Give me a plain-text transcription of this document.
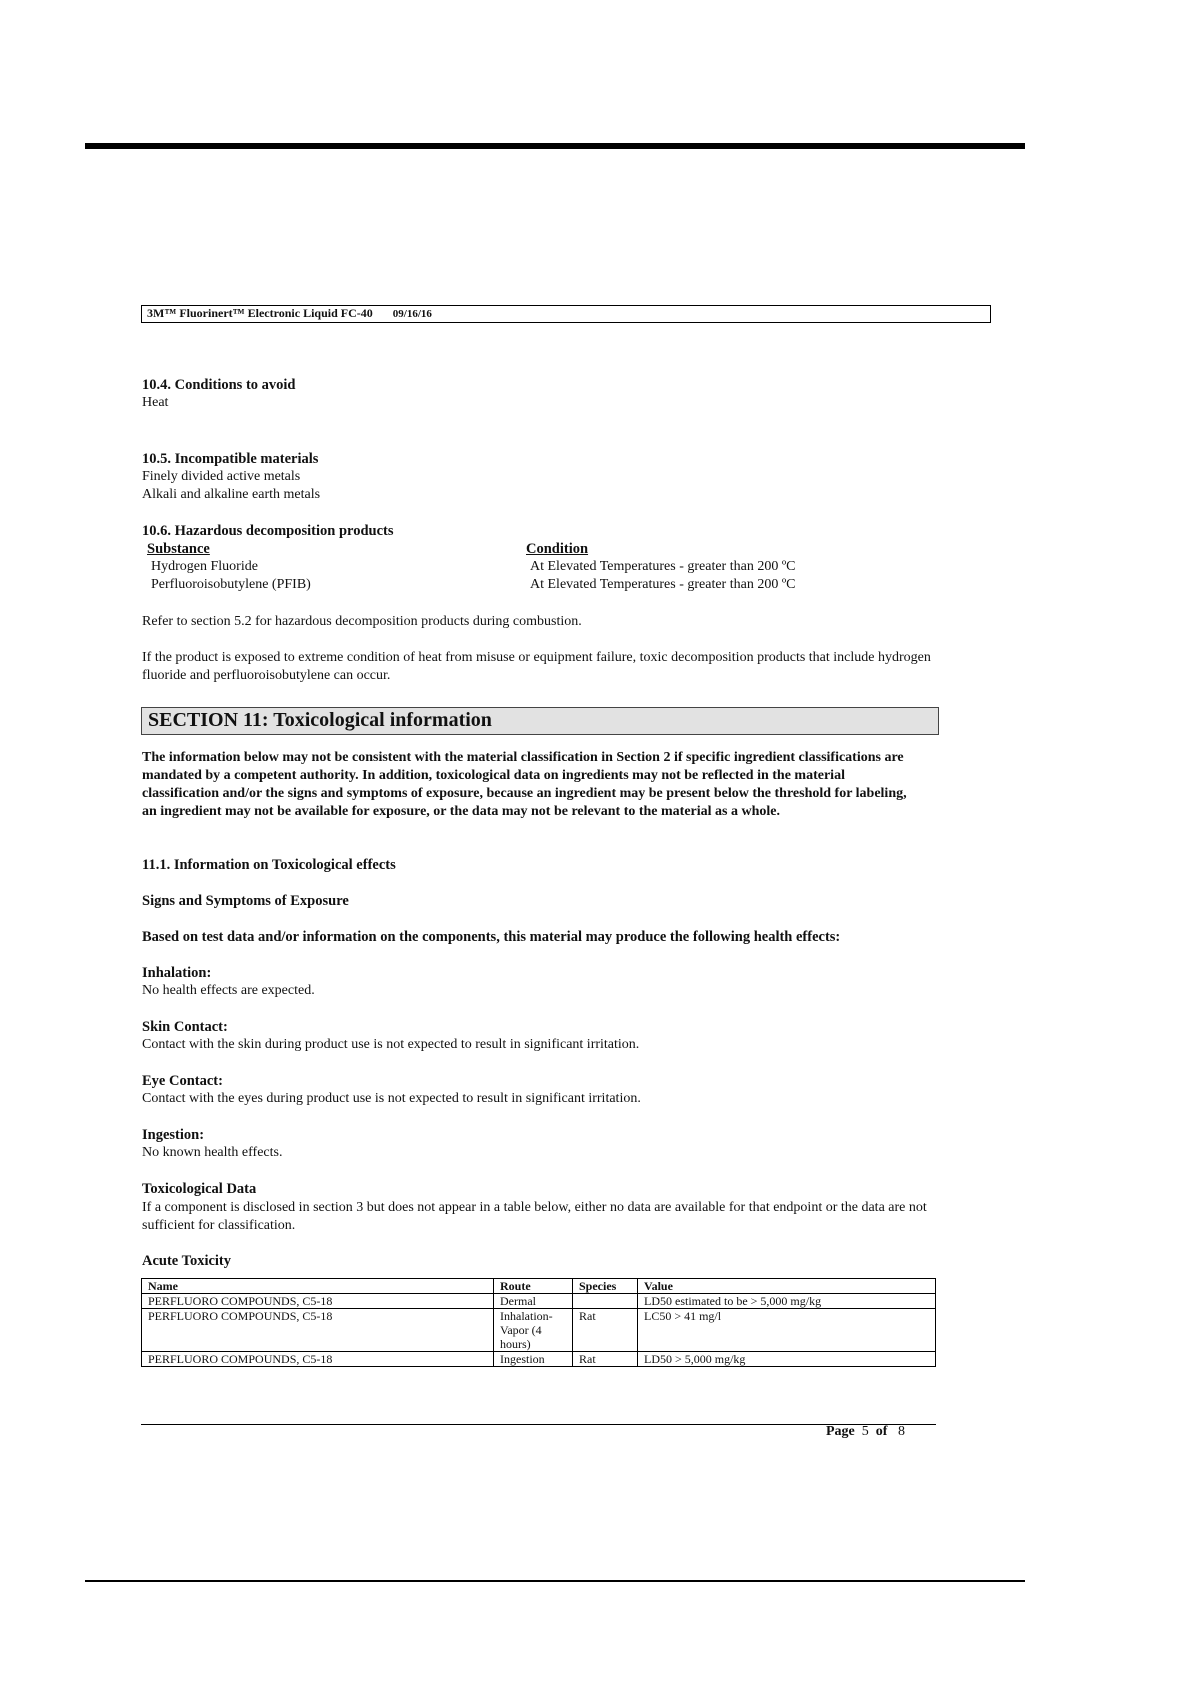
3M™ Fluorinert™ Electronic Liquid FC-40 09/16/16
10.4. Conditions to avoid
Heat
10.5. Incompatible materials
Finely divided active metals
Alkali and alkaline earth metals
10.6. Hazardous decomposition products
Substance	Condition
Hydrogen Fluoride	At Elevated Temperatures - greater than 200 ºC
Perfluoroisobutylene (PFIB)	At Elevated Temperatures - greater than 200 ºC
Refer to section 5.2 for hazardous decomposition products during combustion.
If the product is exposed to extreme condition of heat from misuse or equipment failure, toxic decomposition products that include hydrogen fluoride and perfluoroisobutylene can occur.
SECTION 11: Toxicological information
The information below may not be consistent with the material classification in Section 2 if specific ingredient classifications are mandated by a competent authority. In addition, toxicological data on ingredients may not be reflected in the material classification and/or the signs and symptoms of exposure, because an ingredient may be present below the threshold for labeling, an ingredient may not be available for exposure, or the data may not be relevant to the material as a whole.
11.1. Information on Toxicological effects
Signs and Symptoms of Exposure
Based on test data and/or information on the components, this material may produce the following health effects:
Inhalation:
No health effects are expected.
Skin Contact:
Contact with the skin during product use is not expected to result in significant irritation.
Eye Contact:
Contact with the eyes during product use is not expected to result in significant irritation.
Ingestion:
No known health effects.
Toxicological Data
If a component is disclosed in section 3 but does not appear in a table below, either no data are available for that endpoint or the data are not sufficient for classification.
Acute Toxicity
Name	Route	Species	Value
PERFLUORO COMPOUNDS, C5-18	Dermal		LD50 estimated to be > 5,000 mg/kg
PERFLUORO COMPOUNDS, C5-18	Inhalation-Vapor (4 hours)	Rat	LC50 > 41 mg/l
PERFLUORO COMPOUNDS, C5-18	Ingestion	Rat	LD50 > 5,000 mg/kg
Page 5 of 8
